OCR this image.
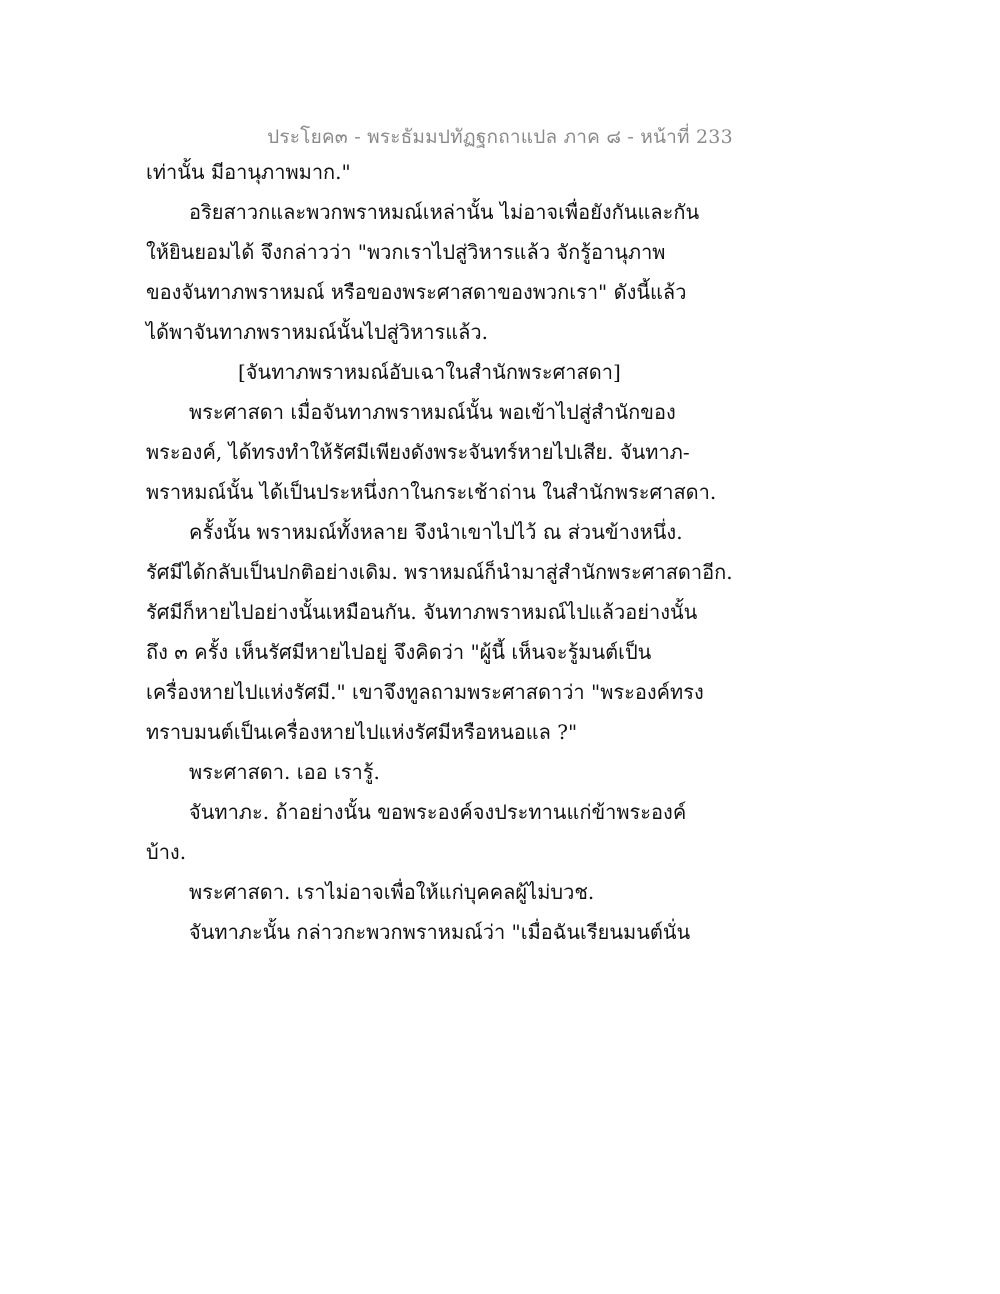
ประโยค๓ - พระธัมมปทัฏฐกถาแปล ภาค ๘ - หน้าที่ 233
เท่านั้น มีอานุภาพมาก."
อริยสาวกและพวกพราหมณ์เหล่านั้น ไม่อาจเพื่อยังกันและกัน
ให้ยินยอมได้ จึงกล่าวว่า "พวกเราไปสู่วิหารแล้ว จักรู้อานุภาพ
ของจันทาภพราหมณ์ หรือของพระศาสดาของพวกเรา" ดังนี้แล้ว
ได้พาจันทาภพราหมณ์นั้นไปสู่วิหารแล้ว.
[จันทาภพราหมณ์อับเฉาในสำนักพระศาสดา]
พระศาสดา เมื่อจันทาภพราหมณ์นั้น พอเข้าไปสู่สำนักของ
พระองค์, ได้ทรงทำให้รัศมีเพียงดังพระจันทร์หายไปเสีย. จันทาภ-
พราหมณ์นั้น ได้เป็นประหนึ่งกาในกระเช้าถ่าน ในสำนักพระศาสดา.
ครั้งนั้น พราหมณ์ทั้งหลาย จึงนำเขาไปไว้ ณ ส่วนข้างหนึ่ง.
รัศมีได้กลับเป็นปกติอย่างเดิม. พราหมณ์ก็นำมาสู่สำนักพระศาสดาอีก.
รัศมีก็หายไปอย่างนั้นเหมือนกัน. จันทาภพราหมณ์ไปแล้วอย่างนั้น
ถึง ๓ ครั้ง เห็นรัศมีหายไปอยู่ จึงคิดว่า "ผู้นี้ เห็นจะรู้มนต์เป็น
เครื่องหายไปแห่งรัศมี." เขาจึงทูลถามพระศาสดาว่า "พระองค์ทรง
ทราบมนต์เป็นเครื่องหายไปแห่งรัศมีหรือหนอแล ?"
พระศาสดา. เออ เรารู้.
จันทาภะ. ถ้าอย่างนั้น ขอพระองค์จงประทานแก่ข้าพระองค์
บ้าง.
พระศาสดา. เราไม่อาจเพื่อให้แก่บุคคลผู้ไม่บวช.
จันทาภะนั้น กล่าวกะพวกพราหมณ์ว่า "เมื่อฉันเรียนมนต์นั่น
